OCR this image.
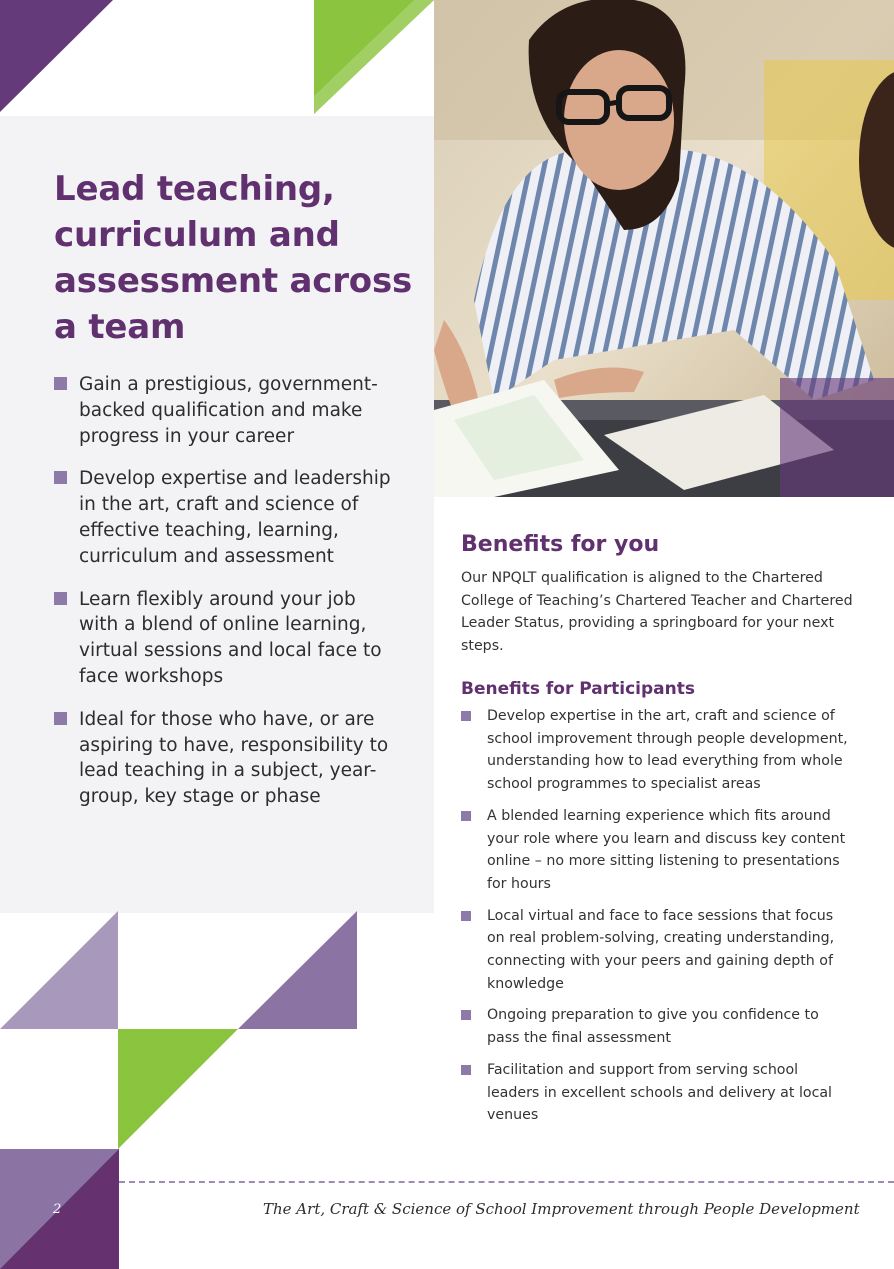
Lead teaching, curriculum and assessment across a team
Gain a prestigious, government-backed qualification and make progress in your career
Develop expertise and leadership in the art, craft and science of effective teaching, learning, curriculum and assessment
Learn flexibly around your job with a blend of online learning, virtual sessions and local face to face workshops
Ideal for those who have, or are aspiring to have, responsibility to lead teaching in a subject, year-group, key stage or phase
Benefits for you

Our NPQLT qualification is aligned to the Chartered College of Teaching’s Chartered Teacher and Chartered Leader Status, providing a springboard for your next steps.

Benefits for Participants
Develop expertise in the art, craft and science of school improvement through people development, understanding how to lead everything from whole school programmes to specialist areas
A blended learning experience which fits around your role where you learn and discuss key content online – no more sitting listening to presentations for hours
Local virtual and face to face sessions that focus on real problem-solving, creating understanding, connecting with your peers and gaining depth of knowledge
Ongoing preparation to give you confidence to pass the final assessment
Facilitation and support from serving school leaders in excellent schools and delivery at local venues
2	The Art, Craft & Science of School Improvement through People Development
